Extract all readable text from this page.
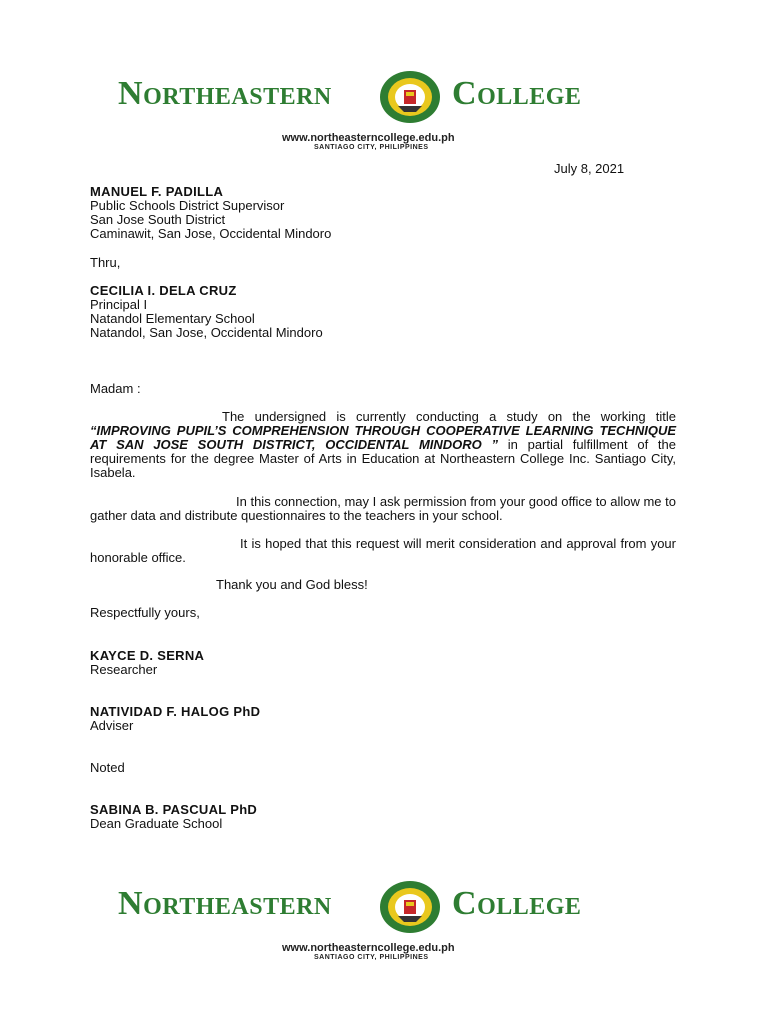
NORTHEASTERN	COLLEGE
www.northeasterncollege.edu.ph
SANTIAGO CITY, PHILIPPINES
July 8, 2021

MANUEL F. PADILLA

Public Schools District Supervisor

San Jose South District

Caminawit, San Jose, Occidental Mindoro

Thru,

CECILIA I. DELA CRUZ

Principal I

Natandol Elementary School

Natandol, San Jose, Occidental Mindoro

Madam :

The undersigned is currently conducting a study on the working title “IMPROVING PUPIL’S COMPREHENSION THROUGH COOPERATIVE LEARNING TECHNIQUE AT SAN JOSE SOUTH DISTRICT, OCCIDENTAL MINDORO ” in partial fulfillment of the requirements for the degree Master of Arts in Education at Northeastern College Inc. Santiago City, Isabela.

In this connection, may I ask permission from your good office to allow me to gather data and distribute questionnaires to the teachers in your school.

It is hoped that this request will merit consideration and approval from your honorable office.

Thank you and God bless!

Respectfully yours,

KAYCE D. SERNA

Researcher

NATIVIDAD F. HALOG PhD

Adviser

Noted

SABINA B. PASCUAL PhD

Dean Graduate School

NORTHEASTERN	COLLEGE
www.northeasterncollege.edu.ph
SANTIAGO CITY, PHILIPPINES
